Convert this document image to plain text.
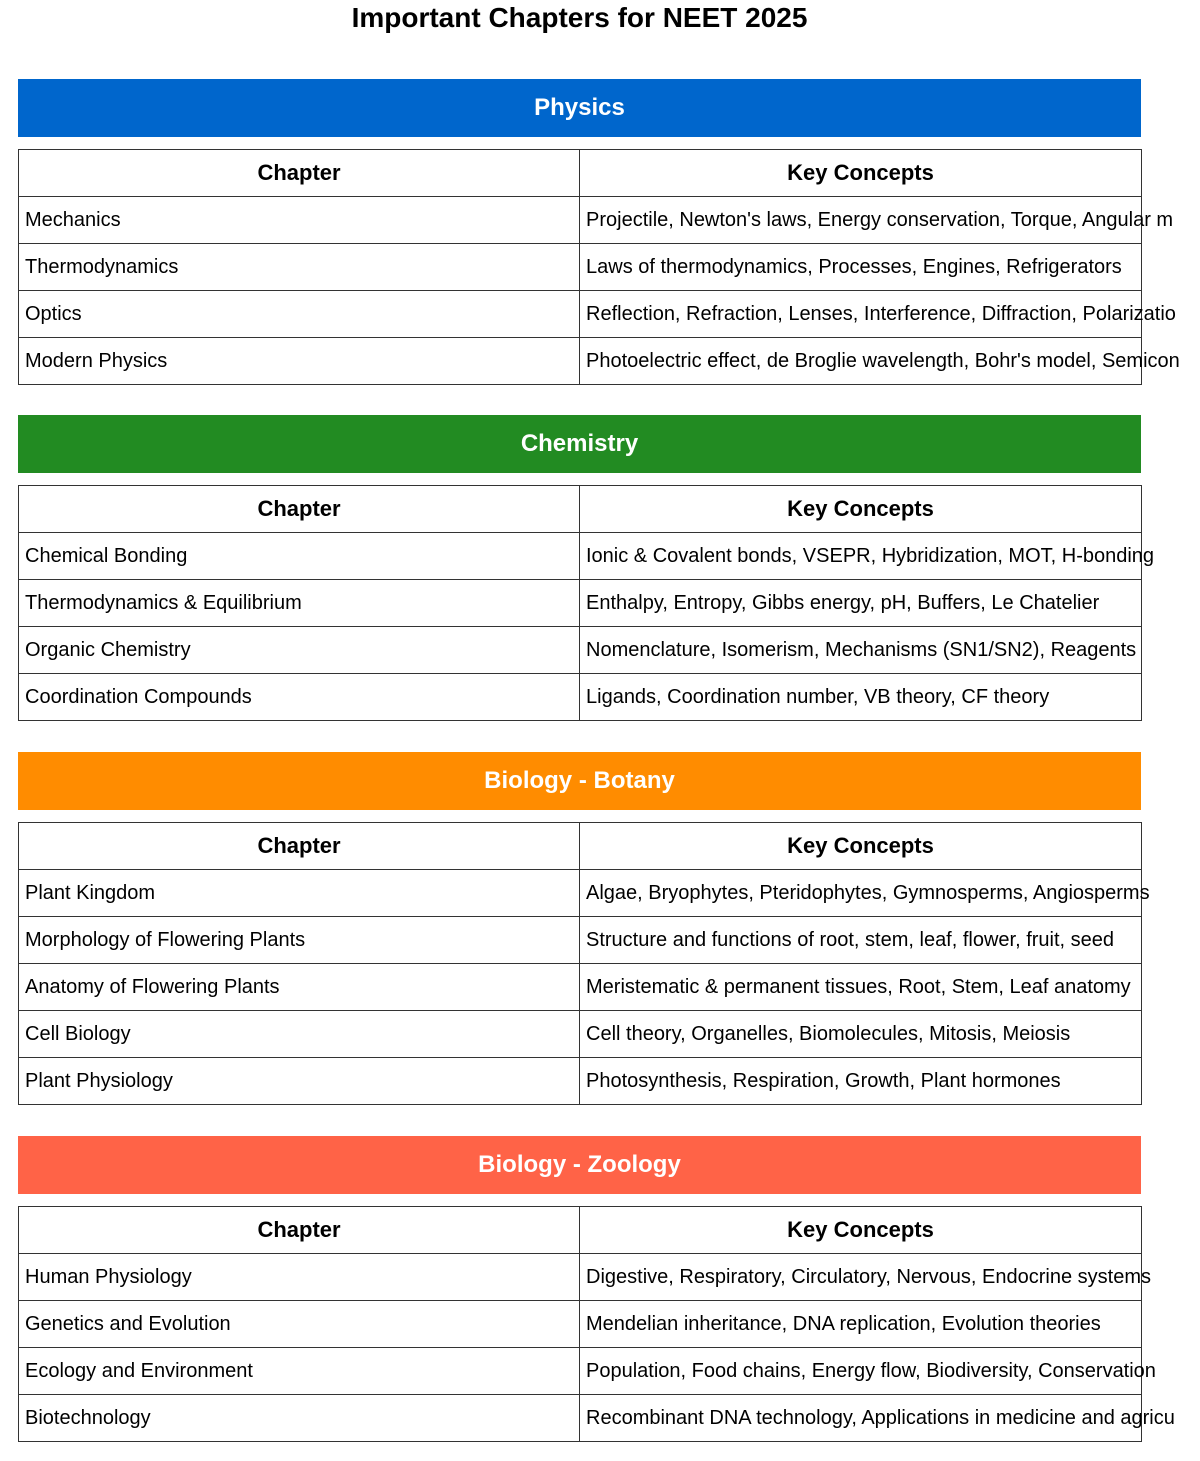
Important Chapters for NEET 2025
Physics
Chapter	Key Concepts
Mechanics	Projectile, Newton's laws, Energy conservation, Torque, Angular m
Thermodynamics	Laws of thermodynamics, Processes, Engines, Refrigerators
Optics	Reflection, Refraction, Lenses, Interference, Diffraction, Polarizatio
Modern Physics	Photoelectric effect, de Broglie wavelength, Bohr's model, Semicon
Chemistry
Chapter	Key Concepts
Chemical Bonding	Ionic & Covalent bonds, VSEPR, Hybridization, MOT, H-bonding
Thermodynamics & Equilibrium	Enthalpy, Entropy, Gibbs energy, pH, Buffers, Le Chatelier
Organic Chemistry	Nomenclature, Isomerism, Mechanisms (SN1/SN2), Reagents
Coordination Compounds	Ligands, Coordination number, VB theory, CF theory
Biology - Botany
Chapter	Key Concepts
Plant Kingdom	Algae, Bryophytes, Pteridophytes, Gymnosperms, Angiosperms
Morphology of Flowering Plants	Structure and functions of root, stem, leaf, flower, fruit, seed
Anatomy of Flowering Plants	Meristematic & permanent tissues, Root, Stem, Leaf anatomy
Cell Biology	Cell theory, Organelles, Biomolecules, Mitosis, Meiosis
Plant Physiology	Photosynthesis, Respiration, Growth, Plant hormones
Biology - Zoology
Chapter	Key Concepts
Human Physiology	Digestive, Respiratory, Circulatory, Nervous, Endocrine systems
Genetics and Evolution	Mendelian inheritance, DNA replication, Evolution theories
Ecology and Environment	Population, Food chains, Energy flow, Biodiversity, Conservation
Biotechnology	Recombinant DNA technology, Applications in medicine and agricu
